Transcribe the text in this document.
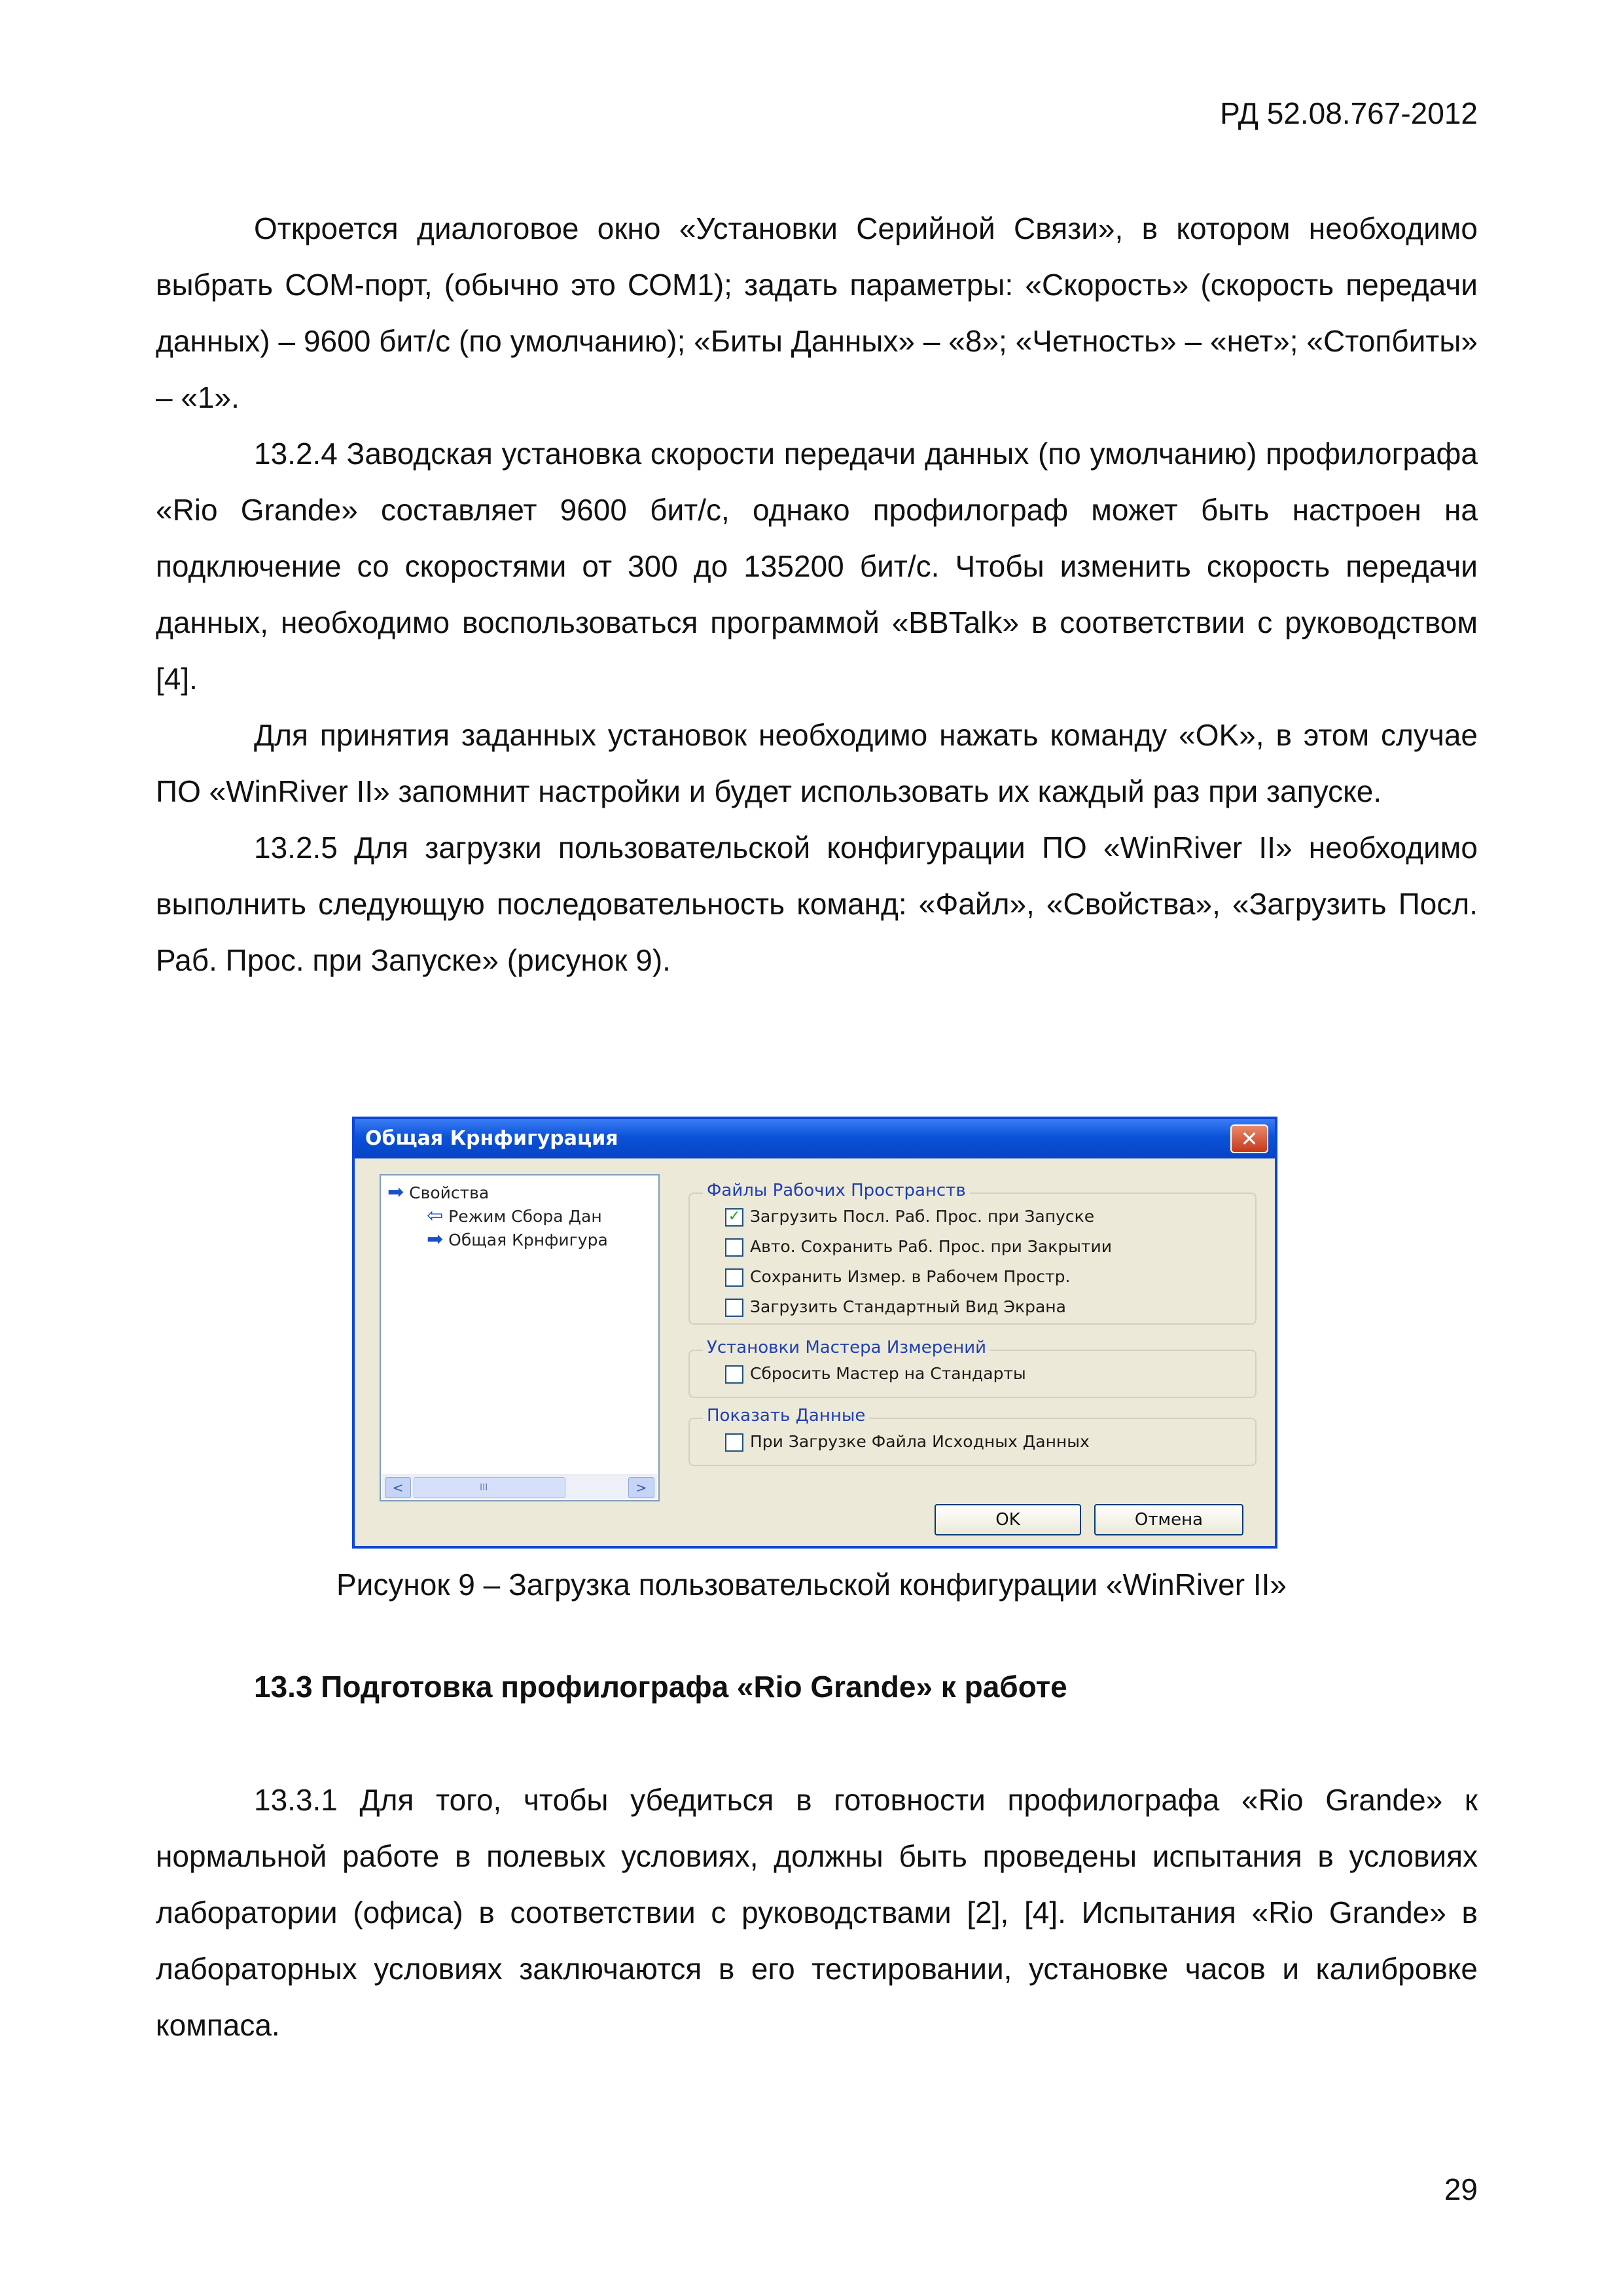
РД 52.08.767-2012

Откроется диалоговое окно «Установки Серийной Связи», в котором необходимо выбрать СОМ-порт, (обычно это СОМ1); задать параметры: «Скорость» (скорость передачи данных) – 9600 бит/с (по умолчанию); «Биты Данных» – «8»; «Четность» – «нет»; «Стопбиты» – «1».

13.2.4 Заводская установка скорости передачи данных (по умолчанию) профилографа «Rio Grande» составляет 9600 бит/с, однако профилограф может быть настроен на подключение со скоростями от 300 до 135200 бит/с. Чтобы изменить скорость передачи данных, необходимо воспользоваться программой «BBTalk» в соответствии с руководством [4].

Для принятия заданных установок необходимо нажать команду «OK», в этом случае ПО «WinRiver II» запомнит настройки и будет использовать их каждый раз при запуске.

13.2.5 Для загрузки пользовательской конфигурации ПО «WinRiver II» необходимо выполнить следующую последовательность команд: «Файл», «Свойства», «Загрузить Посл. Раб. Прос. при Запуске» (рисунок 9).

Общая Крнфигурация	✕
➡ Свойства
⇦ Режим Сбора Дан
➡ Общая Крнфигура
<	III	>
Файлы Рабочих Пространств
✓ Загрузить Посл. Раб. Прос. при Запуске
Авто. Сохранить Раб. Прос. при Закрытии
Сохранить Измер. в Рабочем Простр.
Загрузить Стандартный Вид Экрана
Установки Мастера Измерений
Сбросить Мастер на Стандарты
Показать Данные
При Загрузке Файла Исходных Данных
OK	Отмена
Рисунок 9 – Загрузка пользовательской конфигурации «WinRiver II»
13.3 Подготовка профилографа «Rio Grande» к работе

13.3.1 Для того, чтобы убедиться в готовности профилографа «Rio Grande» к нормальной работе в полевых условиях, должны быть проведены испытания в условиях лаборатории (офиса) в соответствии с руководствами [2], [4]. Испытания «Rio Grande» в лабораторных условиях заключаются в его тестировании, установке часов и калибровке компаса.

29
